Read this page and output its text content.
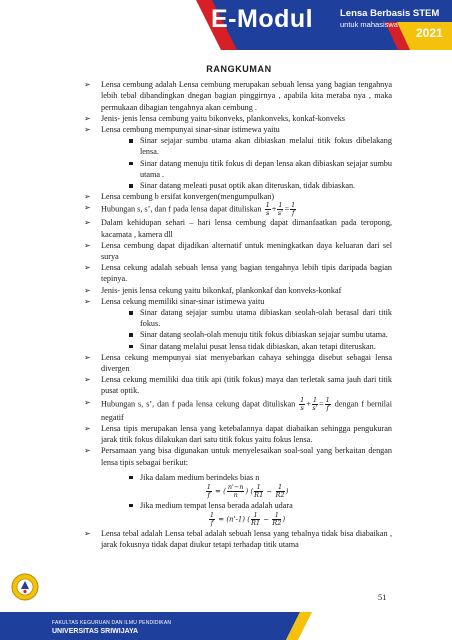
E-Modul	Lensa Berbasis STEM
untuk mahasiswa
2021
RANGKUMAN
➢ Lensa cembung adalah Lensa cembung merupakan sebuah lensa yang bagian tengahnya lebih tebal dibandingkan dnegan bagian pinggirnya , apabila kita meraba nya , maka permukaan dibagian tengahnya akan cembung .
➢ Jenis- jenis lensa cembung yaitu bikonveks, plankonveks, konkaf-konveks
➢ Lensa cembung mempunyai sinar-sinar istimewa yaitu
Sinar sejajar sumbu utama akan dibiaskan melalui titik fokus dibelakang lensa.
Sinar datang menuju titik fokus di depan lensa akan dibiaskan sejajar sumbu utama .
Sinar datang meleati pusat optik akan diteruskan, tidak dibiaskan.
➢ Lensa cembung b ersifat konvergen(mengumpulkan)
➢ Hubungan s, s’, dan f pada lensa dapat dituliskan $\frac{1}{s} + \frac{1}{s'} = \frac{1}{f}$
➢ Dalam kehidupan sehari – hari lensa cembung dapat dimanfaatkan pada teropong, kacamata , kamera dll
➢ Lensa cembung dapat dijadikan alternatif untuk meningkatkan daya keluaran dari sel surya
➢ Lensa cekung adalah sebuah lensa yang bagian tengahnya lebih tipis daripada bagian tepinya.
➢ Jenis- jenis lensa cekung yaitu bikonkaf, plankonkaf dan konveks-konkaf
➢ Lensa cekung memiliki sinar-sinar istimewa yaitu
Sinar datang sejajar sumbu utama dibiaskan seolah-olah berasal dari titik fokus.
Sinar datang seolah-olah menuju titik fokus dibiaskan sejajar sumbu utama.
Sinar datang melalui pusat lensa tidak dibiaskan, akan tetapi diteruskan.
➢ Lensa cekung mempunyai siat menyebarkan cahaya sehingga disebut sebagai lensa divergen
➢ Lensa cekung memiliki dua titik api (titik fokus) maya dan terletak sama jauh dari titik pusat optik.
➢ Hubungan s, s’, dan f pada lensa cekung dapat dituliskan $\frac{1}{s} + \frac{1}{s'} = \frac{1}{f}$ dengan f bernilai negatif
➢ Lensa tipis merupakan lensa yang ketebalannya dapat diabaikan sehingga pengukuran jarak titik fokus dilakukan dari satu titik fokus yaitu fokus lensa.
➢ Persamaan yang bisa digunakan untuk menyelesaikan soal-soal yang berkaitan dengan lensa tipis sebagai berikut:
Jika dalam medium berindeks bias n
$\frac{1}{f}$ = ( $\frac{n'-n}{n}$ ) ( $\frac{1}{R1} - \frac{1}{R2}$ )
Jika medium tempat lensa berada adalah udara
$\frac{1}{f} = (n'-1)$ ( $\frac{1}{R1} - \frac{1}{R2}$ )
➢ Lensa tebal adalah Lensa tebal adalah sebuah lensa yang tebalnya tidak bisa diabaikan , jarak fokusnya tidak dapat diukur tetapi terhadap titik utama
51
FAKULTAS KEGURUAN DAN ILMU PENDIDIKAN
UNIVERSITAS SRIWIJAYA
